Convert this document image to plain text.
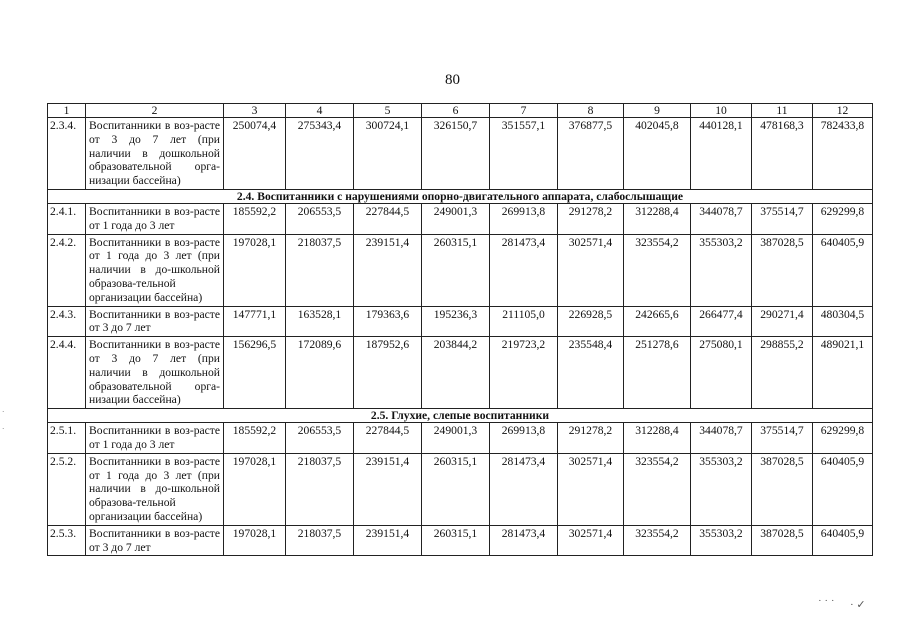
80
1	2	3	4	5	6	7	8	9	10	11	12
2.3.4.	Воспитанники в воз-расте от 3 до 7 лет (при наличии в дошкольной образовательной орга-низации бассейна)	250074,4	275343,4	300724,1	326150,7	351557,1	376877,5	402045,8	440128,1	478168,3	782433,8
2.4. Воспитанники с нарушениями опорно-двигательного аппарата, слабослышащие											
2.4.1.	Воспитанники в воз-расте от 1 года до 3 лет	185592,2	206553,5	227844,5	249001,3	269913,8	291278,2	312288,4	344078,7	375514,7	629299,8
2.4.2.	Воспитанники в воз-расте от 1 года до 3 лет (при наличии в до-школьной образова-тельной организации бассейна)	197028,1	218037,5	239151,4	260315,1	281473,4	302571,4	323554,2	355303,2	387028,5	640405,9
2.4.3.	Воспитанники в воз-расте от 3 до 7 лет	147771,1	163528,1	179363,6	195236,3	211105,0	226928,5	242665,6	266477,4	290271,4	480304,5
2.4.4.	Воспитанники в воз-расте от 3 до 7 лет (при наличии в дошкольной образовательной орга-низации бассейна)	156296,5	172089,6	187952,6	203844,2	219723,2	235548,4	251278,6	275080,1	298855,2	489021,1
2.5. Глухие, слепые воспитанники											
2.5.1.	Воспитанники в воз-расте от 1 года до 3 лет	185592,2	206553,5	227844,5	249001,3	269913,8	291278,2	312288,4	344078,7	375514,7	629299,8
2.5.2.	Воспитанники в воз-расте от 1 года до 3 лет (при наличии в до-школьной образова-тельной организации бассейна)	197028,1	218037,5	239151,4	260315,1	281473,4	302571,4	323554,2	355303,2	387028,5	640405,9
2.5.3.	Воспитанники в воз-расте от 3 до 7 лет	197028,1	218037,5	239151,4	260315,1	281473,4	302571,4	323554,2	355303,2	387028,5	640405,9
˙ ˙ ˙ · ✓
·
·
